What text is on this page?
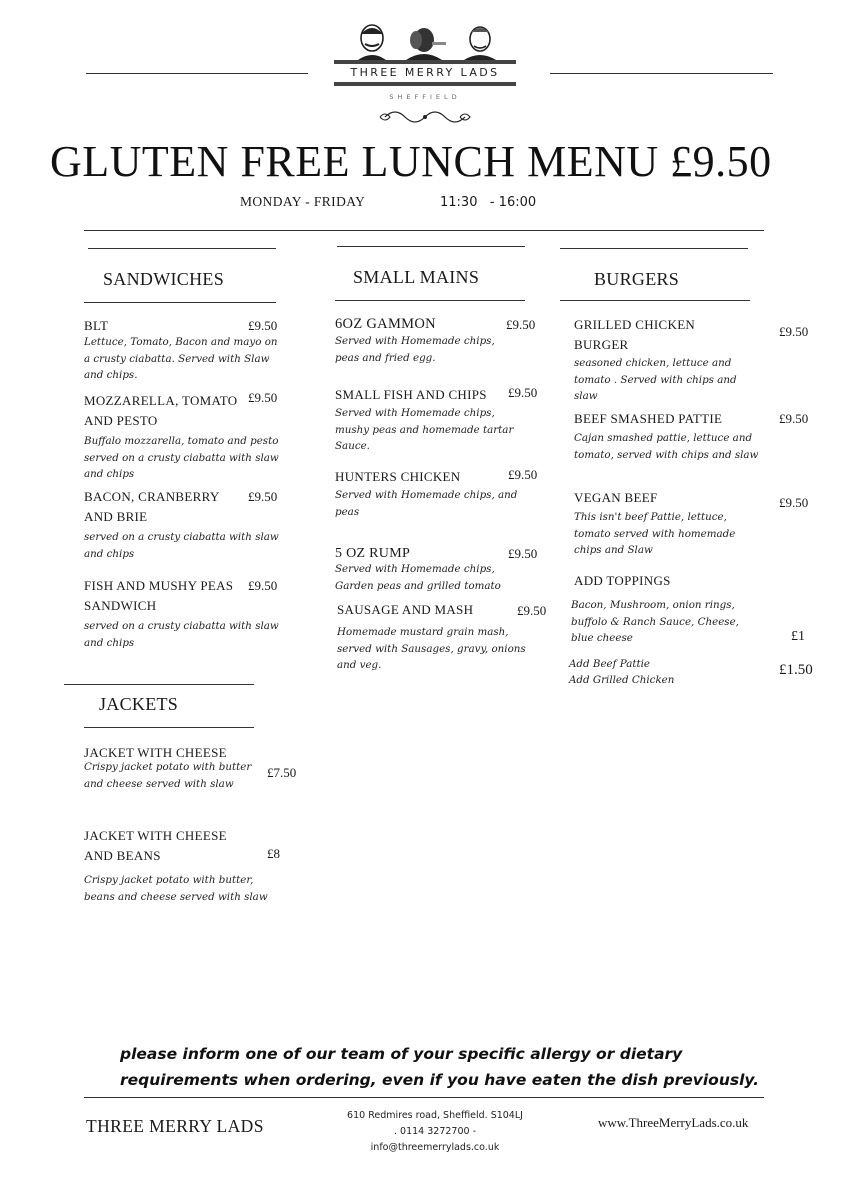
THREE MERRY LADS
SHEFFIELD
GLUTEN FREE LUNCH MENU £9.50
MONDAY - FRIDAY	11:30   - 16:00
SANDWICHES
BLT	£9.50
Lettuce, Tomato, Bacon and mayo on a crusty ciabatta. Served with Slaw and chips.
MOZZARELLA, TOMATO AND PESTO
£9.50
Buffalo mozzarella, tomato and pesto served on a crusty ciabatta with slaw and chips
BACON, CRANBERRY AND BRIE
£9.50
served on a crusty ciabatta with slaw and chips
FISH AND MUSHY PEAS SANDWICH
£9.50
served on a crusty ciabatta with slaw and chips
JACKETS
JACKET WITH CHEESE
£7.50
Crispy jacket potato with butter and cheese served with slaw
JACKET WITH CHEESE AND BEANS	£8
Crispy jacket potato with butter, beans and cheese served with slaw
SMALL MAINS
6OZ GAMMON	£9.50
Served with Homemade chips, peas and fried egg.
SMALL FISH AND CHIPS	£9.50
Served with Homemade chips, mushy peas and homemade tartar Sauce.
HUNTERS CHICKEN	£9.50
Served with Homemade chips, and peas
5 OZ RUMP	£9.50
Served with Homemade chips, Garden peas and grilled tomato
SAUSAGE AND MASH	£9.50
Homemade mustard grain mash, served with Sausages, gravy, onions and veg.
BURGERS
GRILLED CHICKEN BURGER
£9.50
seasoned chicken, lettuce and tomato . Served with chips and slaw
BEEF SMASHED PATTIE	£9.50
Cajan smashed pattie, lettuce and tomato, served with chips and slaw
VEGAN BEEF	£9.50
This isn't beef Pattie, lettuce, tomato served with homemade chips and Slaw
ADD TOPPINGS
Bacon, Mushroom, onion rings, buffolo & Ranch Sauce, Cheese, blue cheese	£1
Add Beef Pattie
Add Grilled Chicken
£1.50
please inform one of our team of your specific allergy or dietary requirements when ordering, even if you have eaten the dish previously.
THREE MERRY LADS
610 Redmires road, Sheffield. S104LJ
. 0114 3272700 -
info@threemerrylads.co.uk
www.ThreeMerryLads.co.uk
